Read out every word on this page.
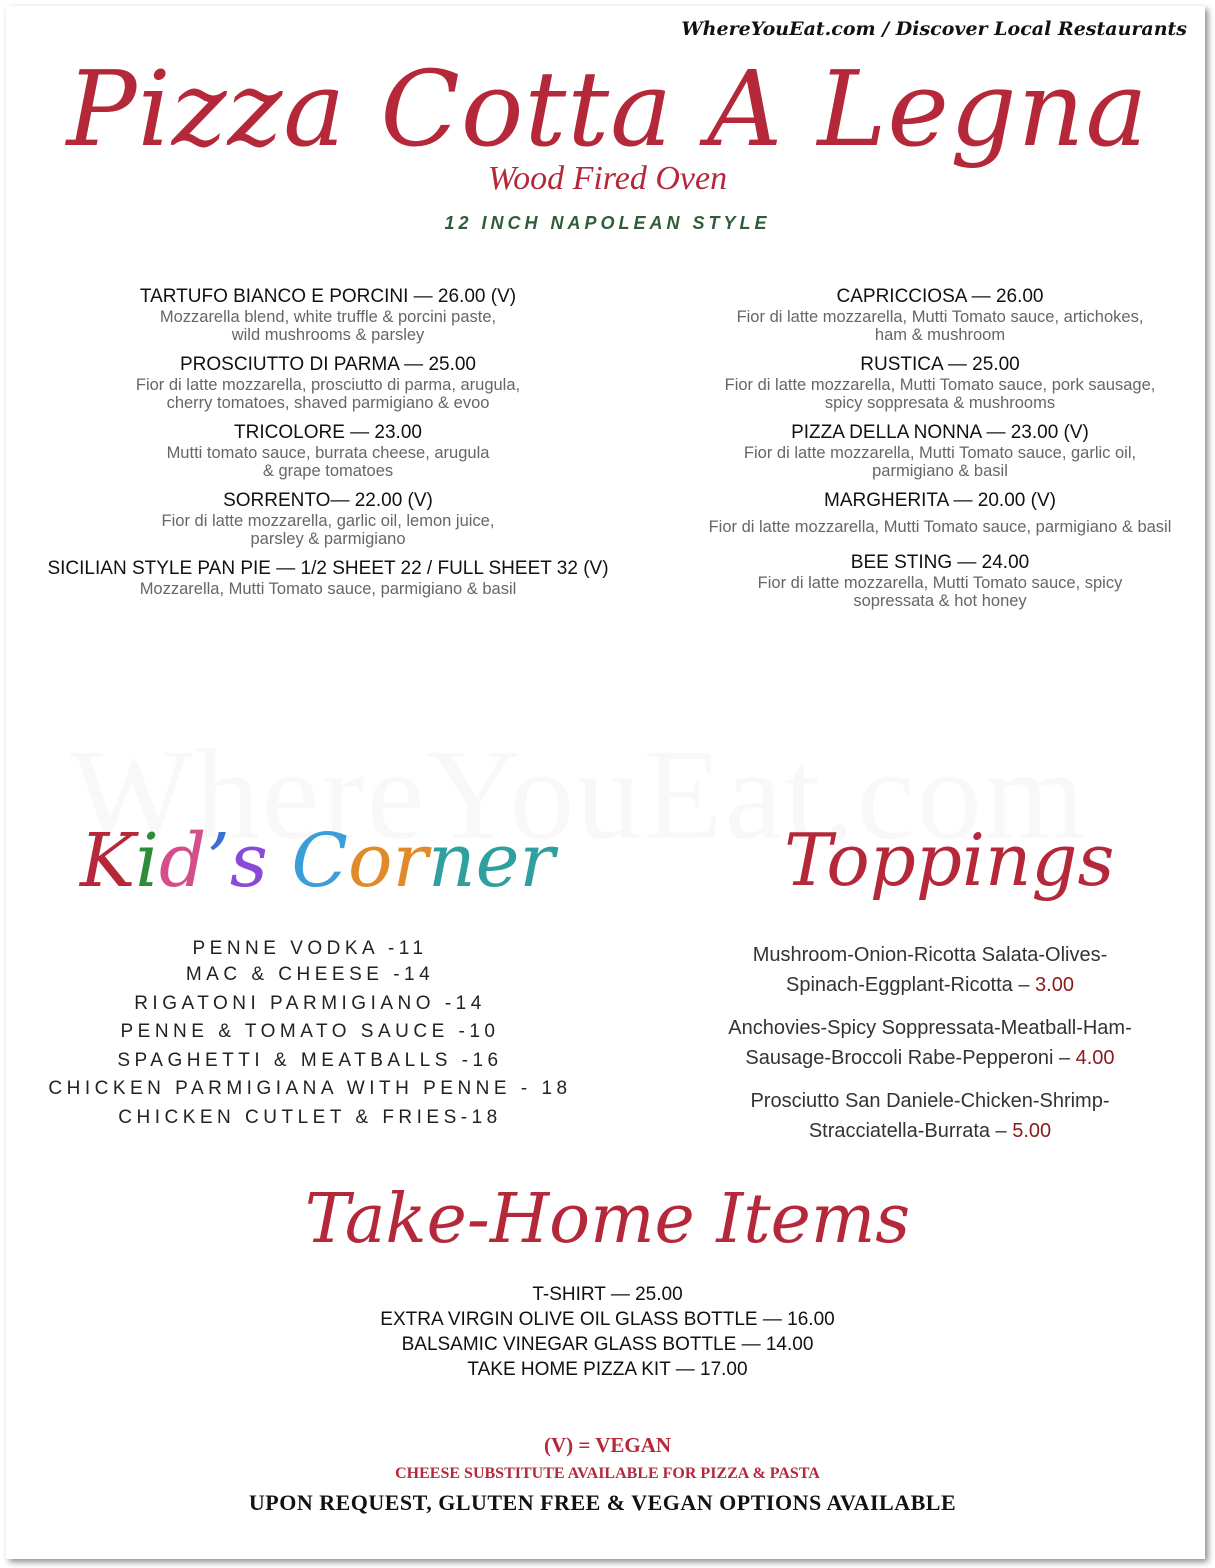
WhereYouEat.com / Discover Local Restaurants
Pizza Cotta A Legna
Wood Fired Oven
12 INCH NAPOLEAN STYLE
TARTUFO BIANCO E PORCINI — 26.00 (V)
Mozzarella blend, white truffle & porcini paste,
wild mushrooms & parsley
PROSCIUTTO DI PARMA — 25.00
Fior di latte mozzarella, prosciutto di parma, arugula,
cherry tomatoes, shaved parmigiano & evoo
TRICOLORE — 23.00
Mutti tomato sauce, burrata cheese, arugula
& grape tomatoes
SORRENTO— 22.00 (V)
Fior di latte mozzarella, garlic oil, lemon juice,
parsley & parmigiano
SICILIAN STYLE PAN PIE — 1/2 SHEET 22 / FULL SHEET 32 (V)
Mozzarella, Mutti Tomato sauce, parmigiano & basil
CAPRICCIOSA — 26.00
Fior di latte mozzarella, Mutti Tomato sauce, artichokes,
ham & mushroom
RUSTICA — 25.00
Fior di latte mozzarella, Mutti Tomato sauce, pork sausage,
spicy soppresata & mushrooms
PIZZA DELLA NONNA — 23.00 (V)
Fior di latte mozzarella, Mutti Tomato sauce, garlic oil,
parmigiano & basil
MARGHERITA — 20.00 (V)
Fior di latte mozzarella, Mutti Tomato sauce, parmigiano & basil
BEE STING — 24.00
Fior di latte mozzarella, Mutti Tomato sauce, spicy
sopressata & hot honey
Kid’s Corner
PENNE VODKA -11
MAC & CHEESE -14
RIGATONI PARMIGIANO -14
PENNE & TOMATO SAUCE -10
SPAGHETTI & MEATBALLS -16
CHICKEN PARMIGIANA WITH PENNE - 18
CHICKEN CUTLET & FRIES-18
Toppings
Mushroom-Onion-Ricotta Salata-Olives-
Spinach-Eggplant-Ricotta – 3.00
Anchovies-Spicy Soppressata-Meatball-Ham-
Sausage-Broccoli Rabe-Pepperoni – 4.00
Prosciutto San Daniele-Chicken-Shrimp-
Stracciatella-Burrata – 5.00
Take-Home Items
T-SHIRT — 25.00
EXTRA VIRGIN OLIVE OIL GLASS BOTTLE — 16.00
BALSAMIC VINEGAR GLASS BOTTLE — 14.00
TAKE HOME PIZZA KIT — 17.00
(V) = VEGAN
CHEESE SUBSTITUTE AVAILABLE FOR PIZZA & PASTA
UPON REQUEST, GLUTEN FREE & VEGAN OPTIONS AVAILABLE
